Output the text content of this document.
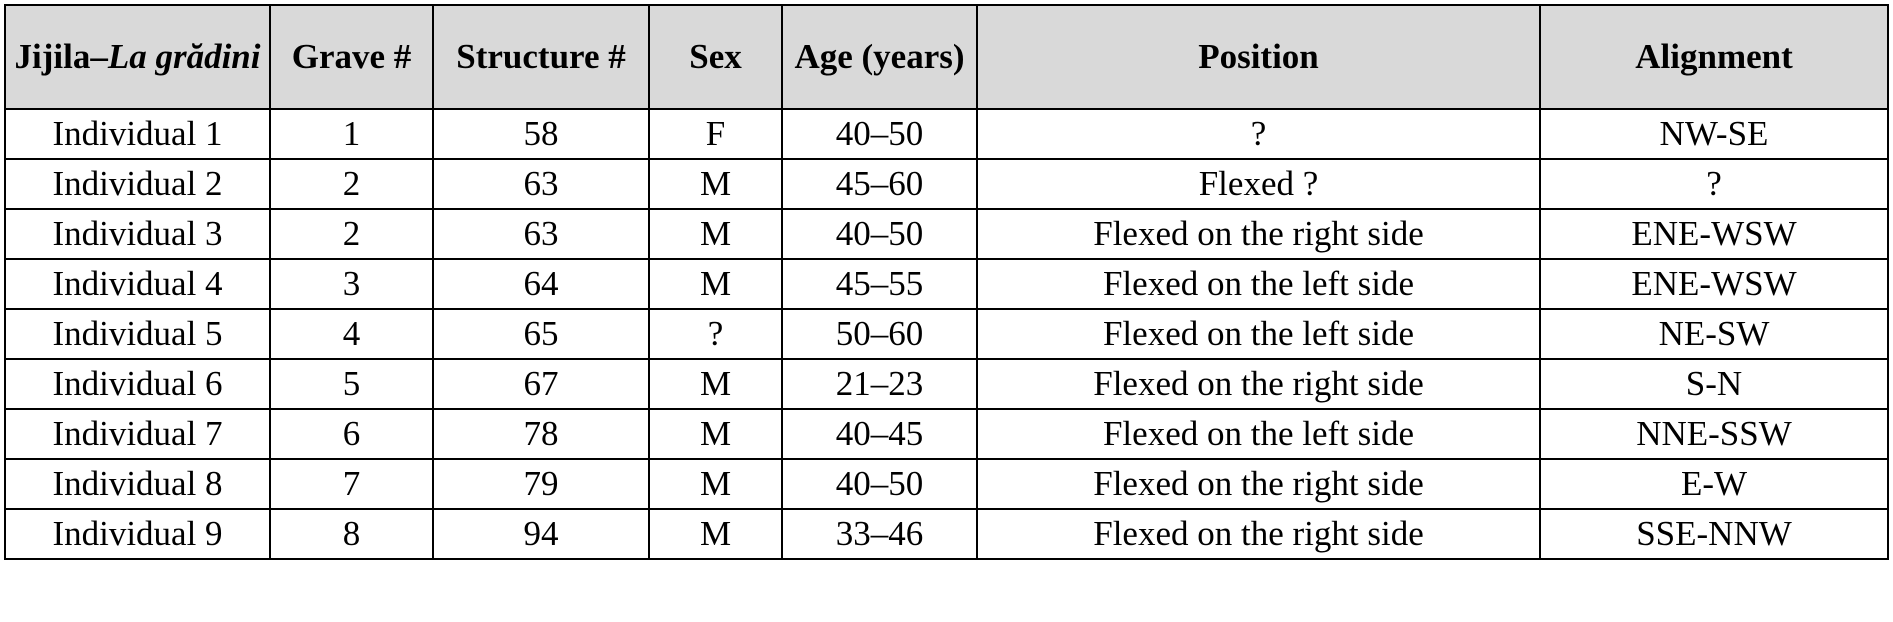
Jijila–La grădini	Grave #	Structure #	Sex	Age (years)	Position	Alignment
Individual 1	1	58	F	40–50	?	NW-SE
Individual 2	2	63	M	45–60	Flexed ?	?
Individual 3	2	63	M	40–50	Flexed on the right side	ENE-WSW
Individual 4	3	64	M	45–55	Flexed on the left side	ENE-WSW
Individual 5	4	65	?	50–60	Flexed on the left side	NE-SW
Individual 6	5	67	M	21–23	Flexed on the right side	S-N
Individual 7	6	78	M	40–45	Flexed on the left side	NNE-SSW
Individual 8	7	79	M	40–50	Flexed on the right side	E-W
Individual 9	8	94	M	33–46	Flexed on the right side	SSE-NNW
